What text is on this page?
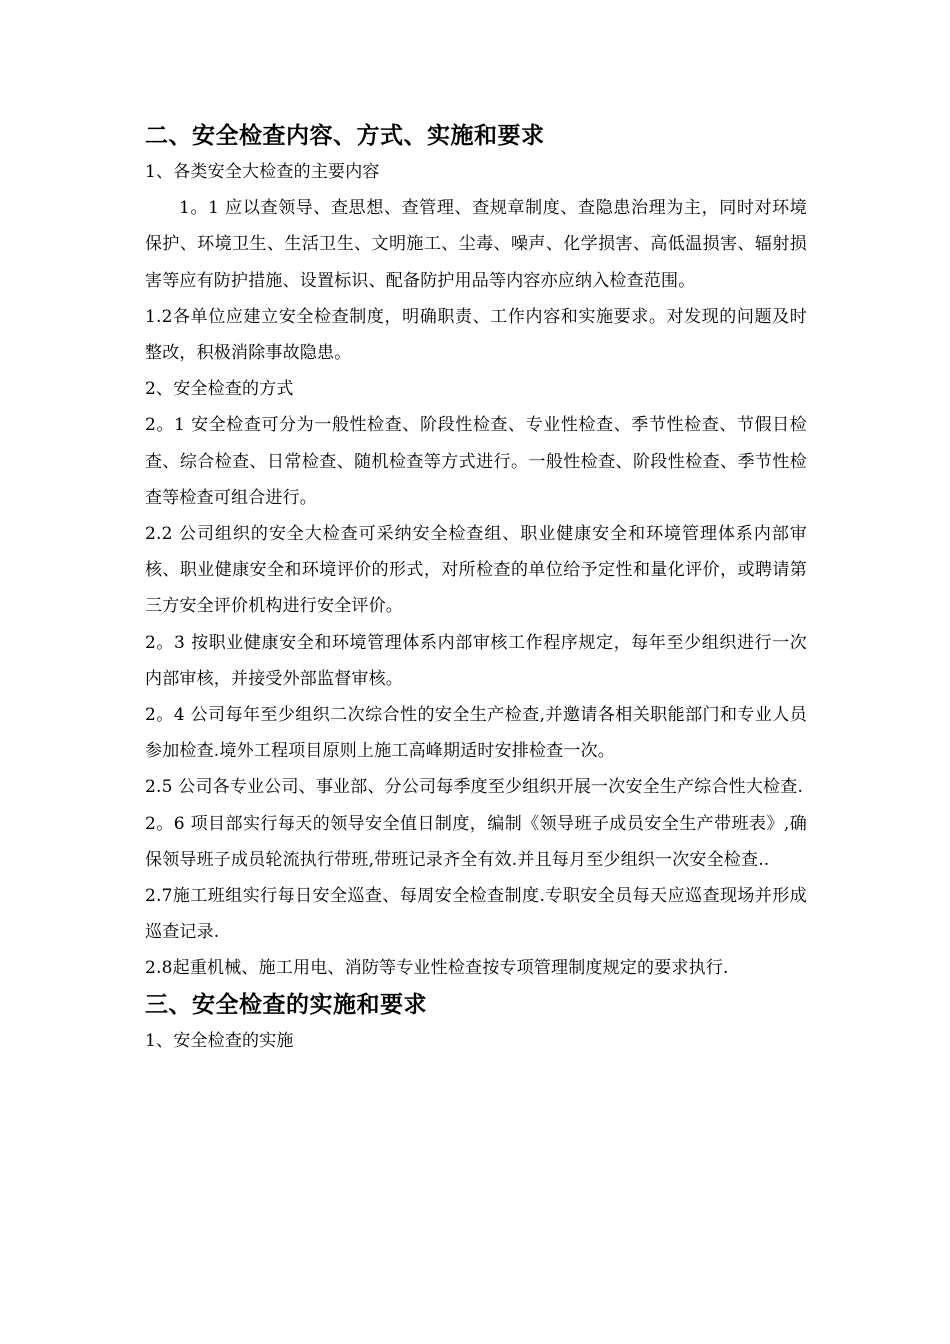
二、安全检查内容、方式、实施和要求

1、各类安全大检查的主要内容

1。1 应以查领导、查思想、查管理、查规章制度、查隐患治理为主，同时对环境保护、环境卫生、生活卫生、文明施工、尘毒、噪声、化学损害、高低温损害、辐射损害等应有防护措施、设置标识、配备防护用品等内容亦应纳入检查范围。

1.2各单位应建立安全检查制度，明确职责、工作内容和实施要求。对发现的问题及时整改，积极消除事故隐患。

2、安全检查的方式

2。1 安全检查可分为一般性检查、阶段性检查、专业性检查、季节性检查、节假日检查、综合检查、日常检查、随机检查等方式进行。一般性检查、阶段性检查、季节性检查等检查可组合进行。

2.2 公司组织的安全大检查可采纳安全检查组、职业健康安全和环境管理体系内部审核、职业健康安全和环境评价的形式，对所检查的单位给予定性和量化评价，或聘请第三方安全评价机构进行安全评价。

2。3 按职业健康安全和环境管理体系内部审核工作程序规定，每年至少组织进行一次内部审核，并接受外部监督审核。

2。4 公司每年至少组织二次综合性的安全生产检查,并邀请各相关职能部门和专业人员参加检查.境外工程项目原则上施工高峰期适时安排检查一次。

2.5 公司各专业公司、事业部、分公司每季度至少组织开展一次安全生产综合性大检查.

2。6 项目部实行每天的领导安全值日制度，编制《领导班子成员安全生产带班表》,确保领导班子成员轮流执行带班,带班记录齐全有效.并且每月至少组织一次安全检查..

2.7施工班组实行每日安全巡查、每周安全检查制度.专职安全员每天应巡查现场并形成巡查记录.

2.8起重机械、施工用电、消防等专业性检查按专项管理制度规定的要求执行.

三、安全检查的实施和要求

1、安全检查的实施
